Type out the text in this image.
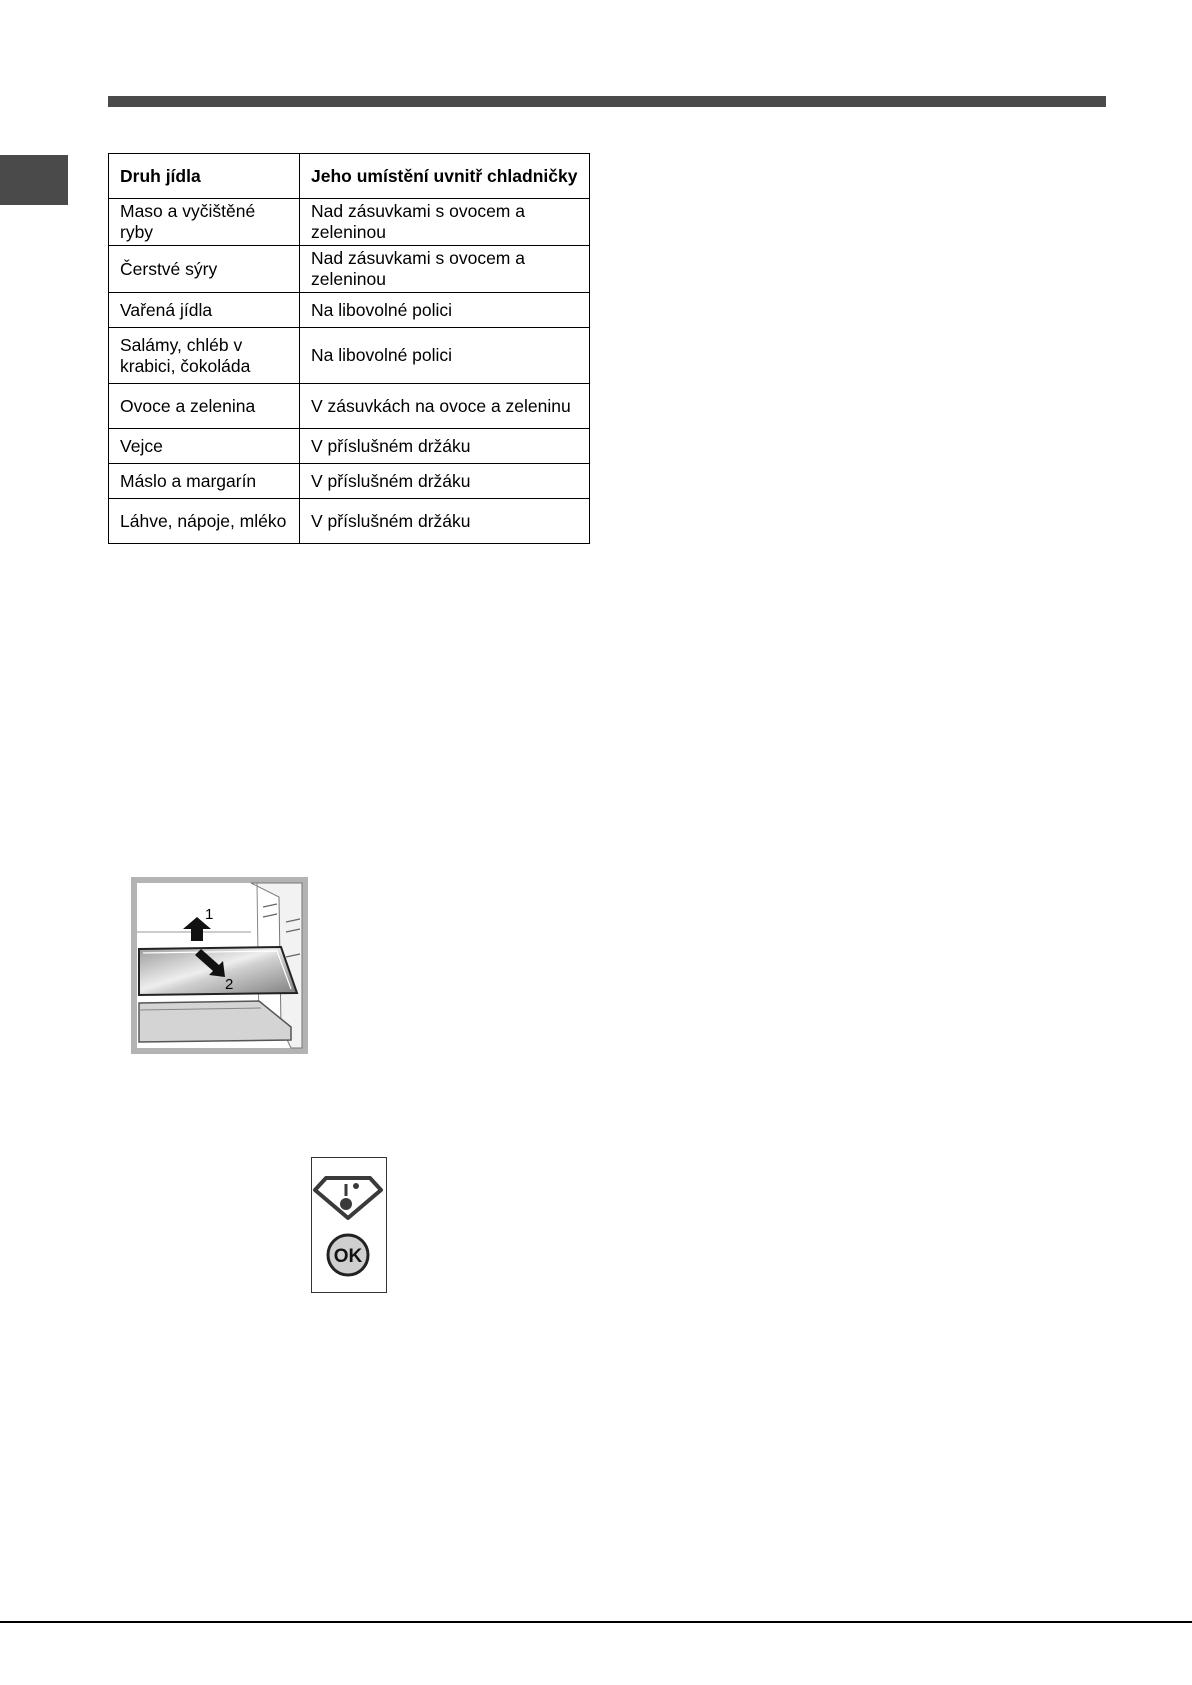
Druh jídla	Jeho umístění uvnitř chladničky
Maso a vyčištěné ryby	Nad zásuvkami s ovocem a zeleninou
Čerstvé sýry	Nad zásuvkami s ovocem a zeleninou
Vařená jídla	Na libovolné polici
Salámy, chléb v krabici, čokoláda	Na libovolné polici
Ovoce a zelenina	V zásuvkách na ovoce a zeleninu
Vejce	V příslušném držáku
Máslo a margarín	V příslušném držáku
Láhve, nápoje, mléko	V příslušném držáku
1
2
OK
